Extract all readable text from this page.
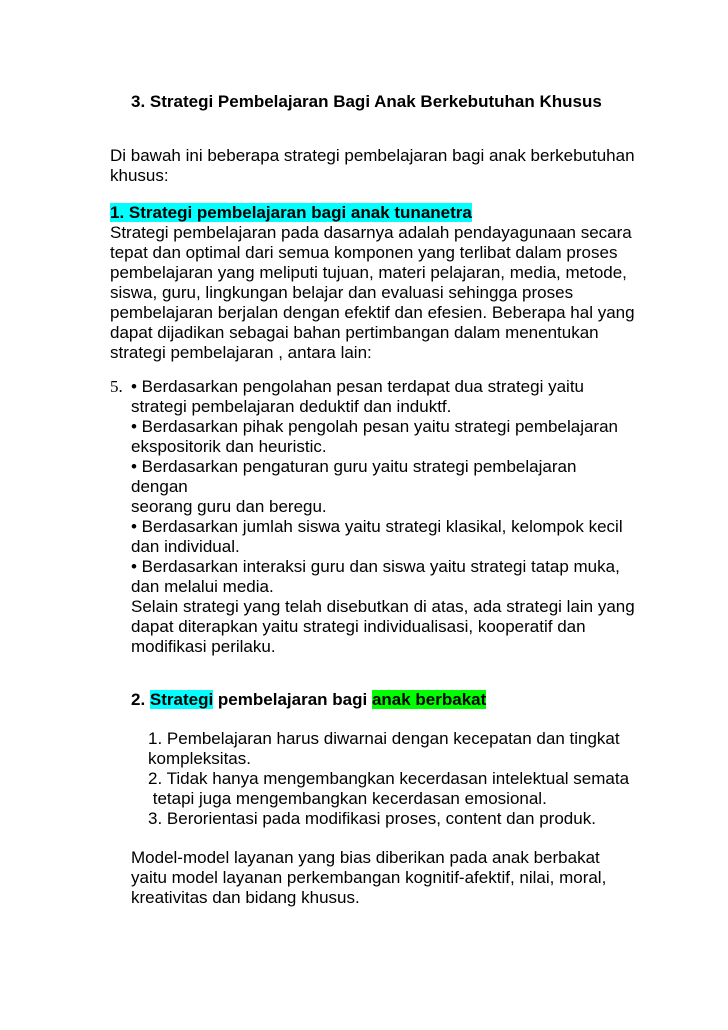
3. Strategi Pembelajaran Bagi Anak Berkebutuhan Khusus
Di bawah ini beberapa strategi pembelajaran bagi anak berkebutuhan
khusus:
1. Strategi pembelajaran bagi anak tunanetra
Strategi pembelajaran pada dasarnya adalah pendayagunaan secara
tepat dan optimal dari semua komponen yang terlibat dalam proses
pembelajaran yang meliputi tujuan, materi pelajaran, media, metode,
siswa, guru, lingkungan belajar dan evaluasi sehingga proses
pembelajaran berjalan dengan efektif dan efesien. Beberapa hal yang
dapat dijadikan sebagai bahan pertimbangan dalam menentukan
strategi pembelajaran , antara lain:
5. • Berdasarkan pengolahan pesan terdapat dua strategi yaitu
strategi pembelajaran deduktif dan induktf.
• Berdasarkan pihak pengolah pesan yaitu strategi pembelajaran
ekspositorik dan heuristic.
• Berdasarkan pengaturan guru yaitu strategi pembelajaran
dengan
seorang guru dan beregu.
• Berdasarkan jumlah siswa yaitu strategi klasikal, kelompok kecil
dan individual.
• Berdasarkan interaksi guru dan siswa yaitu strategi tatap muka,
dan melalui media.
Selain strategi yang telah disebutkan di atas, ada strategi lain yang
dapat diterapkan yaitu strategi individualisasi, kooperatif dan
modifikasi perilaku.
2. Strategi pembelajaran bagi anak berbakat
1. Pembelajaran harus diwarnai dengan kecepatan dan tingkat
kompleksitas.
2. Tidak hanya mengembangkan kecerdasan intelektual semata
tetapi juga mengembangkan kecerdasan emosional.
3. Berorientasi pada modifikasi proses, content dan produk.
Model-model layanan yang bias diberikan pada anak berbakat
yaitu model layanan perkembangan kognitif-afektif, nilai, moral,
kreativitas dan bidang khusus.
